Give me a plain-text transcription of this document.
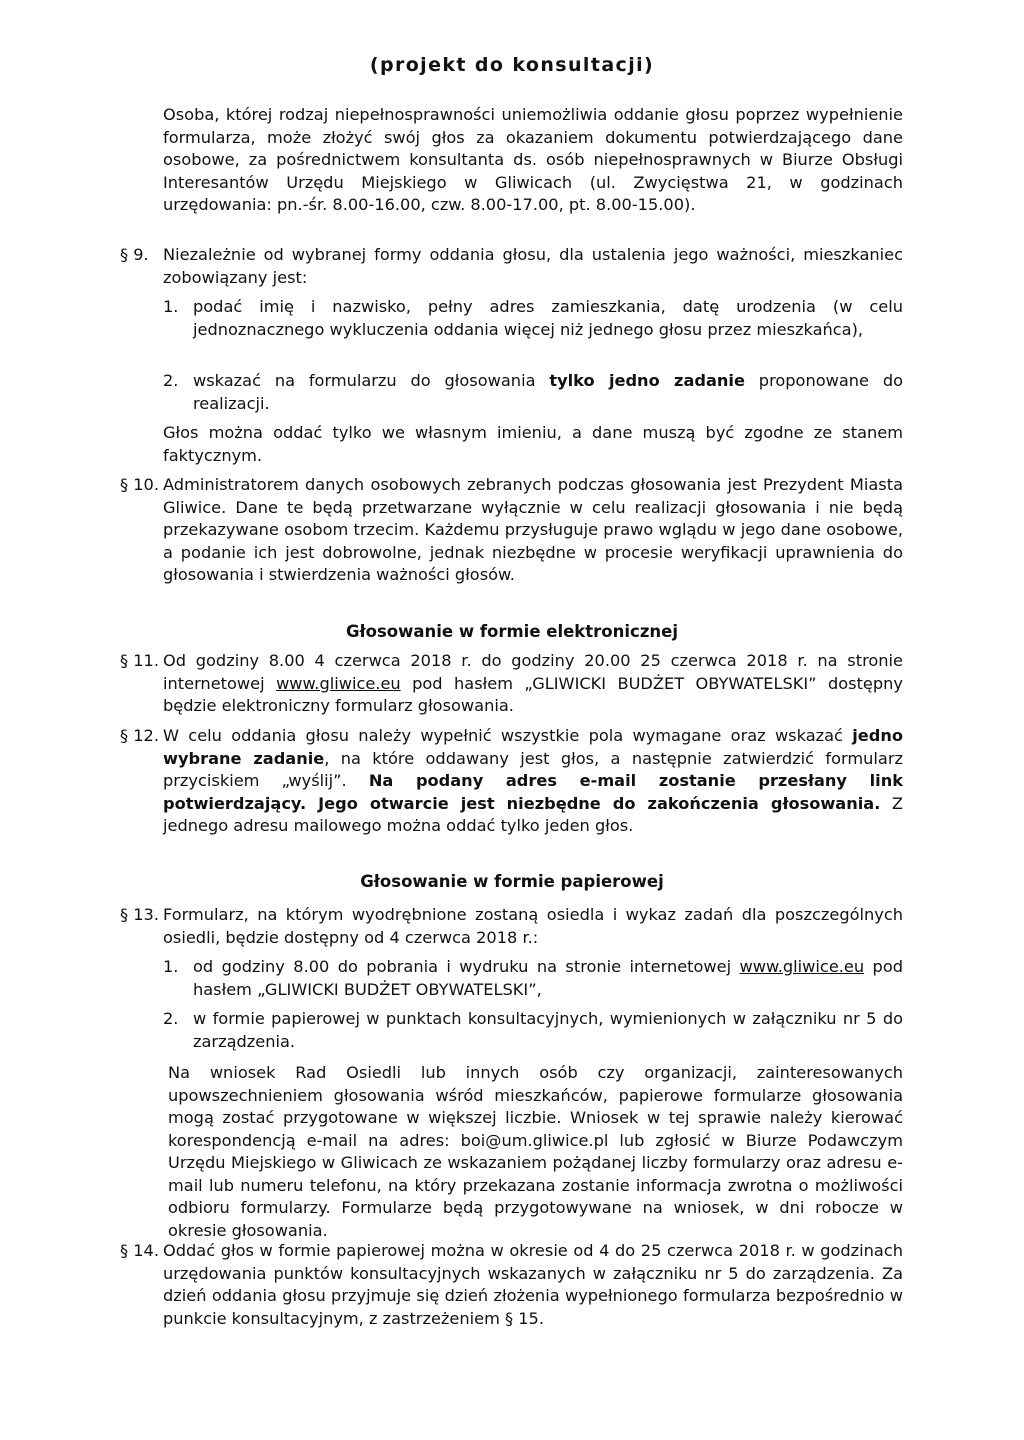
(projekt do konsultacji)

Osoba, której rodzaj niepełnosprawności uniemożliwia oddanie głosu poprzez wypełnienie formularza, może złożyć swój głos za okazaniem dokumentu potwierdzającego dane osobowe, za pośrednictwem konsultanta ds. osób niepełnosprawnych w Biurze Obsługi Interesantów Urzędu Miejskiego w Gliwicach (ul. Zwycięstwa 21, w godzinach urzędowania: pn.-śr. 8.00-16.00, czw. 8.00-17.00, pt. 8.00-15.00).

§ 9. Niezależnie od wybranej formy oddania głosu, dla ustalenia jego ważności, mieszkaniec zobowiązany jest:

1. podać imię i nazwisko, pełny adres zamieszkania, datę urodzenia (w celu jednoznacznego wykluczenia oddania więcej niż jednego głosu przez mieszkańca),

2. wskazać na formularzu do głosowania tylko jedno zadanie proponowane do realizacji.

Głos można oddać tylko we własnym imieniu, a dane muszą być zgodne ze stanem faktycznym.

§ 10. Administratorem danych osobowych zebranych podczas głosowania jest Prezydent Miasta Gliwice. Dane te będą przetwarzane wyłącznie w celu realizacji głosowania i nie będą przekazywane osobom trzecim. Każdemu przysługuje prawo wglądu w jego dane osobowe, a podanie ich jest dobrowolne, jednak niezbędne w procesie weryfikacji uprawnienia do głosowania i stwierdzenia ważności głosów.

Głosowanie w formie elektronicznej
§ 11. Od godziny 8.00 4 czerwca 2018 r. do godziny 20.00 25 czerwca 2018 r. na stronie internetowej www.gliwice.eu pod hasłem „GLIWICKI BUDŻET OBYWATELSKI” dostępny będzie elektroniczny formularz głosowania.

§ 12. W celu oddania głosu należy wypełnić wszystkie pola wymagane oraz wskazać jedno wybrane zadanie, na które oddawany jest głos, a następnie zatwierdzić formularz przyciskiem „wyślij”. Na podany adres e-mail zostanie przesłany link potwierdzający. Jego otwarcie jest niezbędne do zakończenia głosowania. Z jednego adresu mailowego można oddać tylko jeden głos.

Głosowanie w formie papierowej
§ 13. Formularz, na którym wyodrębnione zostaną osiedla i wykaz zadań dla poszczególnych osiedli, będzie dostępny od 4 czerwca 2018 r.:

1. od godziny 8.00 do pobrania i wydruku na stronie internetowej www.gliwice.eu pod hasłem „GLIWICKI BUDŻET OBYWATELSKI”,

2. w formie papierowej w punktach konsultacyjnych, wymienionych w załączniku nr 5 do zarządzenia.

Na wniosek Rad Osiedli lub innych osób czy organizacji, zainteresowanych upowszechnieniem głosowania wśród mieszkańców, papierowe formularze głosowania mogą zostać przygotowane w większej liczbie. Wniosek w tej sprawie należy kierować korespondencją e-mail na adres: boi@um.gliwice.pl lub zgłosić w Biurze Podawczym Urzędu Miejskiego w Gliwicach ze wskazaniem pożądanej liczby formularzy oraz adresu e-mail lub numeru telefonu, na który przekazana zostanie informacja zwrotna o możliwości odbioru formularzy. Formularze będą przygotowywane na wniosek, w dni robocze w okresie głosowania.

§ 14. Oddać głos w formie papierowej można w okresie od 4 do 25 czerwca 2018 r. w godzinach urzędowania punktów konsultacyjnych wskazanych w załączniku nr 5 do zarządzenia. Za dzień oddania głosu przyjmuje się dzień złożenia wypełnionego formularza bezpośrednio w punkcie konsultacyjnym, z zastrzeżeniem § 15.
